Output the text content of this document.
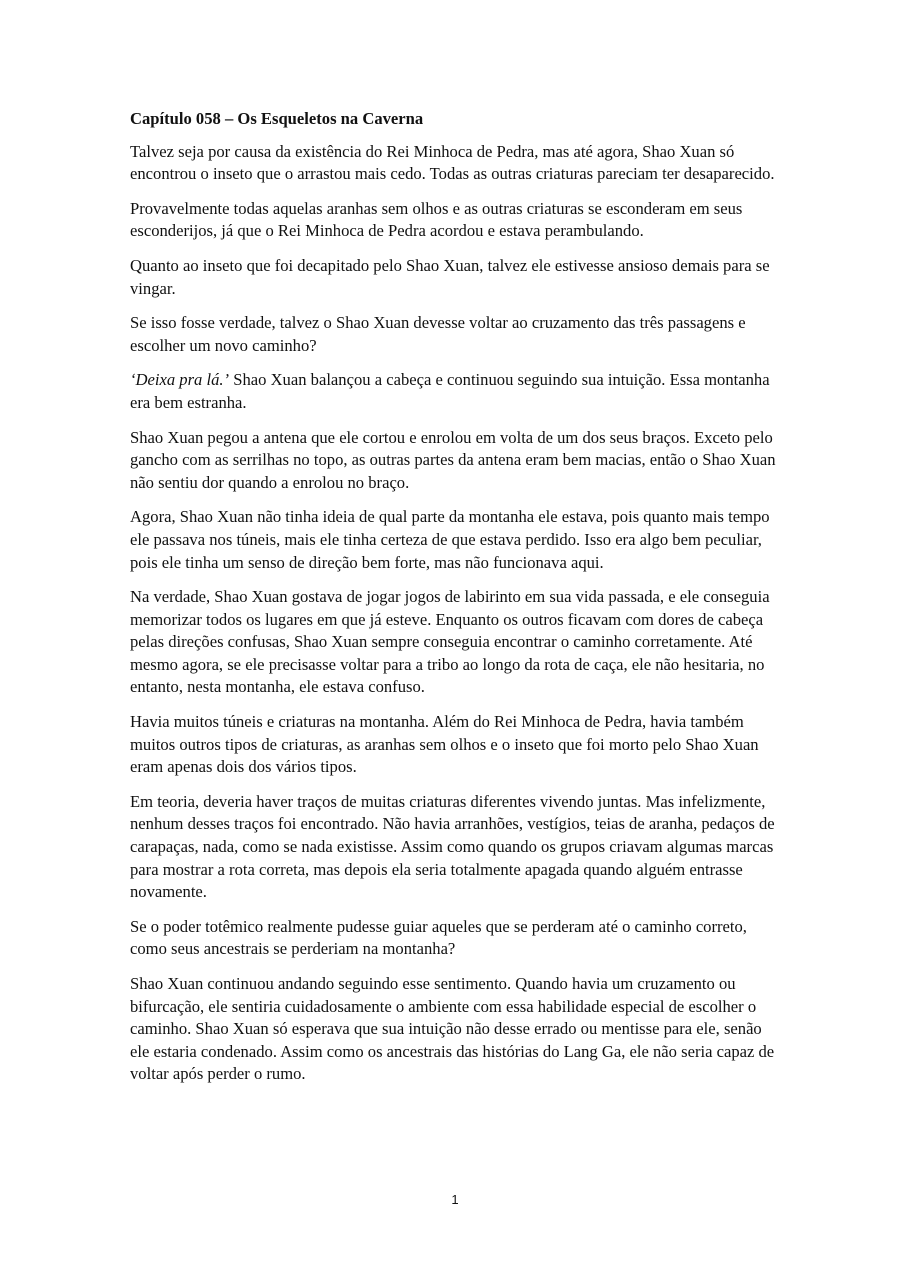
Capítulo 058 – Os Esqueletos na Caverna

Talvez seja por causa da existência do Rei Minhoca de Pedra, mas até agora, Shao Xuan só encontrou o inseto que o arrastou mais cedo. Todas as outras criaturas pareciam ter desaparecido.

Provavelmente todas aquelas aranhas sem olhos e as outras criaturas se esconderam em seus esconderijos, já que o Rei Minhoca de Pedra acordou e estava perambulando.

Quanto ao inseto que foi decapitado pelo Shao Xuan, talvez ele estivesse ansioso demais para se vingar.

Se isso fosse verdade, talvez o Shao Xuan devesse voltar ao cruzamento das três passagens e escolher um novo caminho?

‘Deixa pra lá.’ Shao Xuan balançou a cabeça e continuou seguindo sua intuição. Essa montanha era bem estranha.

Shao Xuan pegou a antena que ele cortou e enrolou em volta de um dos seus braços. Exceto pelo gancho com as serrilhas no topo, as outras partes da antena eram bem macias, então o Shao Xuan não sentiu dor quando a enrolou no braço.

Agora, Shao Xuan não tinha ideia de qual parte da montanha ele estava, pois quanto mais tempo ele passava nos túneis, mais ele tinha certeza de que estava perdido. Isso era algo bem peculiar, pois ele tinha um senso de direção bem forte, mas não funcionava aqui.

Na verdade, Shao Xuan gostava de jogar jogos de labirinto em sua vida passada, e ele conseguia memorizar todos os lugares em que já esteve. Enquanto os outros ficavam com dores de cabeça pelas direções confusas, Shao Xuan sempre conseguia encontrar o caminho corretamente. Até mesmo agora, se ele precisasse voltar para a tribo ao longo da rota de caça, ele não hesitaria, no entanto, nesta montanha, ele estava confuso.

Havia muitos túneis e criaturas na montanha. Além do Rei Minhoca de Pedra, havia também muitos outros tipos de criaturas, as aranhas sem olhos e o inseto que foi morto pelo Shao Xuan eram apenas dois dos vários tipos.

Em teoria, deveria haver traços de muitas criaturas diferentes vivendo juntas. Mas infelizmente, nenhum desses traços foi encontrado. Não havia arranhões, vestígios, teias de aranha, pedaços de carapaças, nada, como se nada existisse. Assim como quando os grupos criavam algumas marcas para mostrar a rota correta, mas depois ela seria totalmente apagada quando alguém entrasse novamente.

Se o poder totêmico realmente pudesse guiar aqueles que se perderam até o caminho correto, como seus ancestrais se perderiam na montanha?

Shao Xuan continuou andando seguindo esse sentimento. Quando havia um cruzamento ou bifurcação, ele sentiria cuidadosamente o ambiente com essa habilidade especial de escolher o caminho. Shao Xuan só esperava que sua intuição não desse errado ou mentisse para ele, senão ele estaria condenado. Assim como os ancestrais das histórias do Lang Ga, ele não seria capaz de voltar após perder o rumo.

1
